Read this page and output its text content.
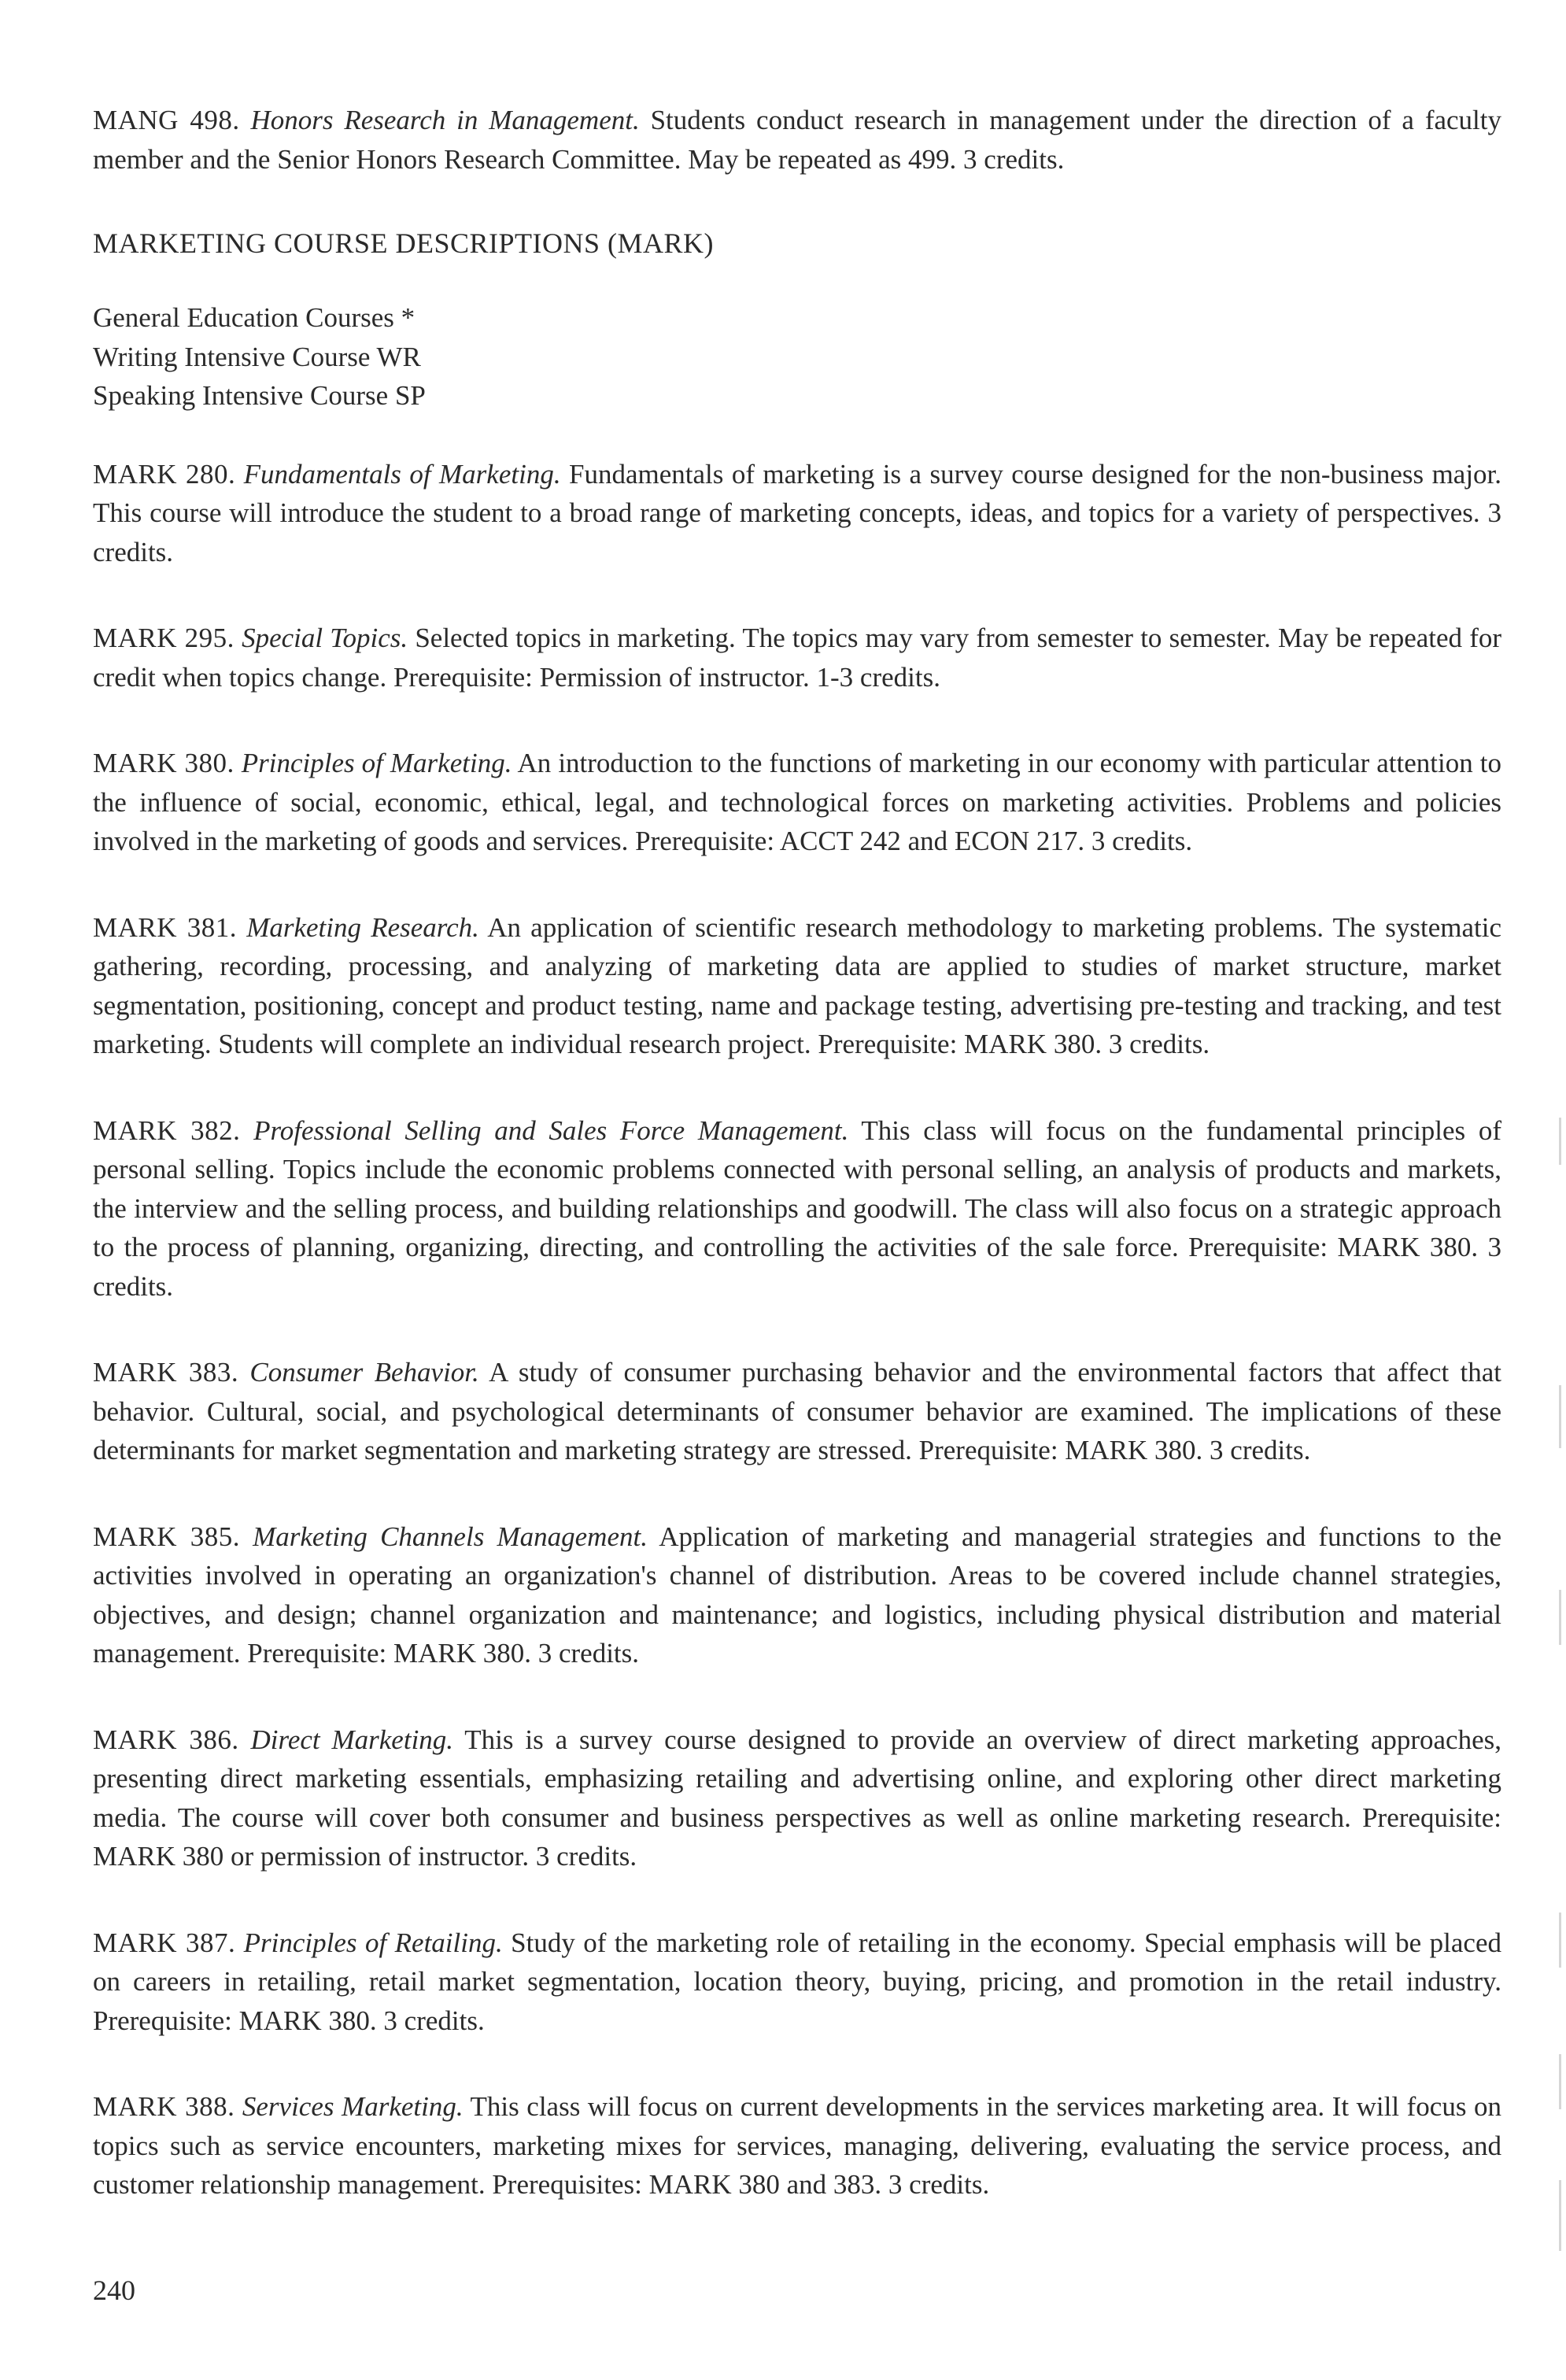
MANG 498. Honors Research in Management. Students conduct research in management under the direction of a faculty member and the Senior Honors Research Committee. May be repeated as 499. 3 credits.

MARKETING COURSE DESCRIPTIONS (MARK)

General Education Courses *

Writing Intensive Course WR

Speaking Intensive Course SP

MARK 280. Fundamentals of Marketing. Fundamentals of marketing is a survey course designed for the non-business major. This course will introduce the student to a broad range of marketing concepts, ideas, and topics for a variety of perspectives. 3 credits.

MARK 295. Special Topics. Selected topics in marketing. The topics may vary from semester to semester. May be repeated for credit when topics change. Prerequisite: Permission of instructor. 1-3 credits.

MARK 380. Principles of Marketing. An introduction to the functions of marketing in our economy with particular attention to the influence of social, economic, ethical, legal, and technological forces on marketing activities. Problems and policies involved in the marketing of goods and services. Prerequisite: ACCT 242 and ECON 217. 3 credits.

MARK 381. Marketing Research. An application of scientific research methodology to marketing problems. The systematic gathering, recording, processing, and analyzing of marketing data are applied to studies of market structure, market segmentation, positioning, concept and product testing, name and package testing, advertising pre-testing and tracking, and test marketing. Students will complete an individual research project. Prerequisite: MARK 380. 3 credits.

MARK 382. Professional Selling and Sales Force Management. This class will focus on the fundamental principles of personal selling. Topics include the economic problems connected with personal selling, an analysis of products and markets, the interview and the selling process, and building relationships and goodwill. The class will also focus on a strategic approach to the process of planning, organizing, directing, and controlling the activities of the sale force. Prerequisite: MARK 380. 3 credits.

MARK 383. Consumer Behavior. A study of consumer purchasing behavior and the environmental factors that affect that behavior. Cultural, social, and psychological determinants of consumer behavior are examined. The implications of these determinants for market segmentation and marketing strategy are stressed. Prerequisite: MARK 380. 3 credits.

MARK 385. Marketing Channels Management. Application of marketing and managerial strategies and functions to the activities involved in operating an organization's channel of distribution. Areas to be covered include channel strategies, objectives, and design; channel organization and maintenance; and logistics, including physical distribution and material management. Prerequisite: MARK 380. 3 credits.

MARK 386. Direct Marketing. This is a survey course designed to provide an overview of direct marketing approaches, presenting direct marketing essentials, emphasizing retailing and advertising online, and exploring other direct marketing media. The course will cover both consumer and business perspectives as well as online marketing research. Prerequisite: MARK 380 or permission of instructor. 3 credits.

MARK 387. Principles of Retailing. Study of the marketing role of retailing in the economy. Special emphasis will be placed on careers in retailing, retail market segmentation, location theory, buying, pricing, and promotion in the retail industry. Prerequisite: MARK 380. 3 credits.

MARK 388. Services Marketing. This class will focus on current developments in the services marketing area. It will focus on topics such as service encounters, marketing mixes for services, managing, delivering, evaluating the service process, and customer relationship management. Prerequisites: MARK 380 and 383. 3 credits.

240
